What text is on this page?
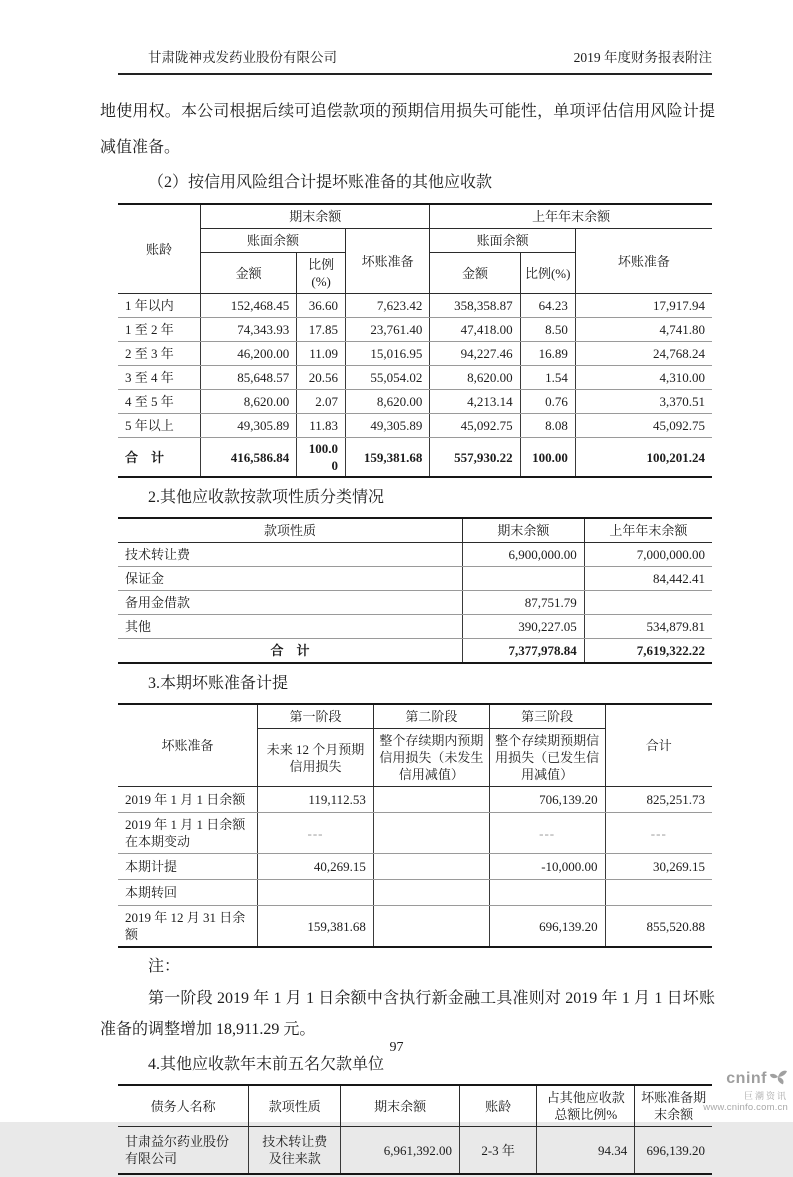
甘肃陇神戎发药业股份有限公司	2019 年度财务报表附注

地使用权。本公司根据后续可追偿款项的预期信用损失可能性，单项评估信用风险计提减值准备。

（2）按信用风险组合计提坏账准备的其他应收款
账龄	期末余额			上年年末余额		
	账面余额		坏账准备	账面余额		坏账准备
	金额	比例(%)		金额	比例(%)	
1 年以内	152,468.45	36.60	7,623.42	358,358.87	64.23	17,917.94
1 至 2 年	74,343.93	17.85	23,761.40	47,418.00	8.50	4,741.80
2 至 3 年	46,200.00	11.09	15,016.95	94,227.46	16.89	24,768.24
3 至 4 年	85,648.57	20.56	55,054.02	8,620.00	1.54	4,310.00
4 至 5 年	8,620.00	2.07	8,620.00	4,213.14	0.76	3,370.51
5 年以上	49,305.89	11.83	49,305.89	45,092.75	8.08	45,092.75
合　计	416,586.84	100.00	159,381.68	557,930.22	100.00	100,201.24
2.其他应收款按款项性质分类情况
款项性质	期末余额	上年年末余额
技术转让费	6,900,000.00	7,000,000.00
保证金		84,442.41
备用金借款	87,751.79	
其他	390,227.05	534,879.81
合　计	7,377,978.84	7,619,322.22
3.本期坏账准备计提
坏账准备	第一阶段	第二阶段	第三阶段	合计
	未来 12 个月预期信用损失	整个存续期内预期信用损失（未发生信用减值）	整个存续期预期信用损失（已发生信用减值）	
2019 年 1 月 1 日余额	119,112.53		706,139.20	825,251.73
2019 年 1 月 1 日余额在本期变动	---		---	---
本期计提	40,269.15		-10,000.00	30,269.15
本期转回				
2019 年 12 月 31 日余额	159,381.68		696,139.20	855,520.88
注：

第一阶段 2019 年 1 月 1 日余额中含执行新金融工具准则对 2019 年 1 月 1 日坏账准备的调整增加 18,911.29 元。

4.其他应收款年末前五名欠款单位
债务人名称	款项性质	期末余额	账龄	占其他应收款总额比例%	坏账准备期末余额
甘肃益尔药业股份有限公司	技术转让费及往来款	6,961,392.00	2-3 年	94.34	696,139.20
97
cninf
巨潮资讯
www.cninfo.com.cn
